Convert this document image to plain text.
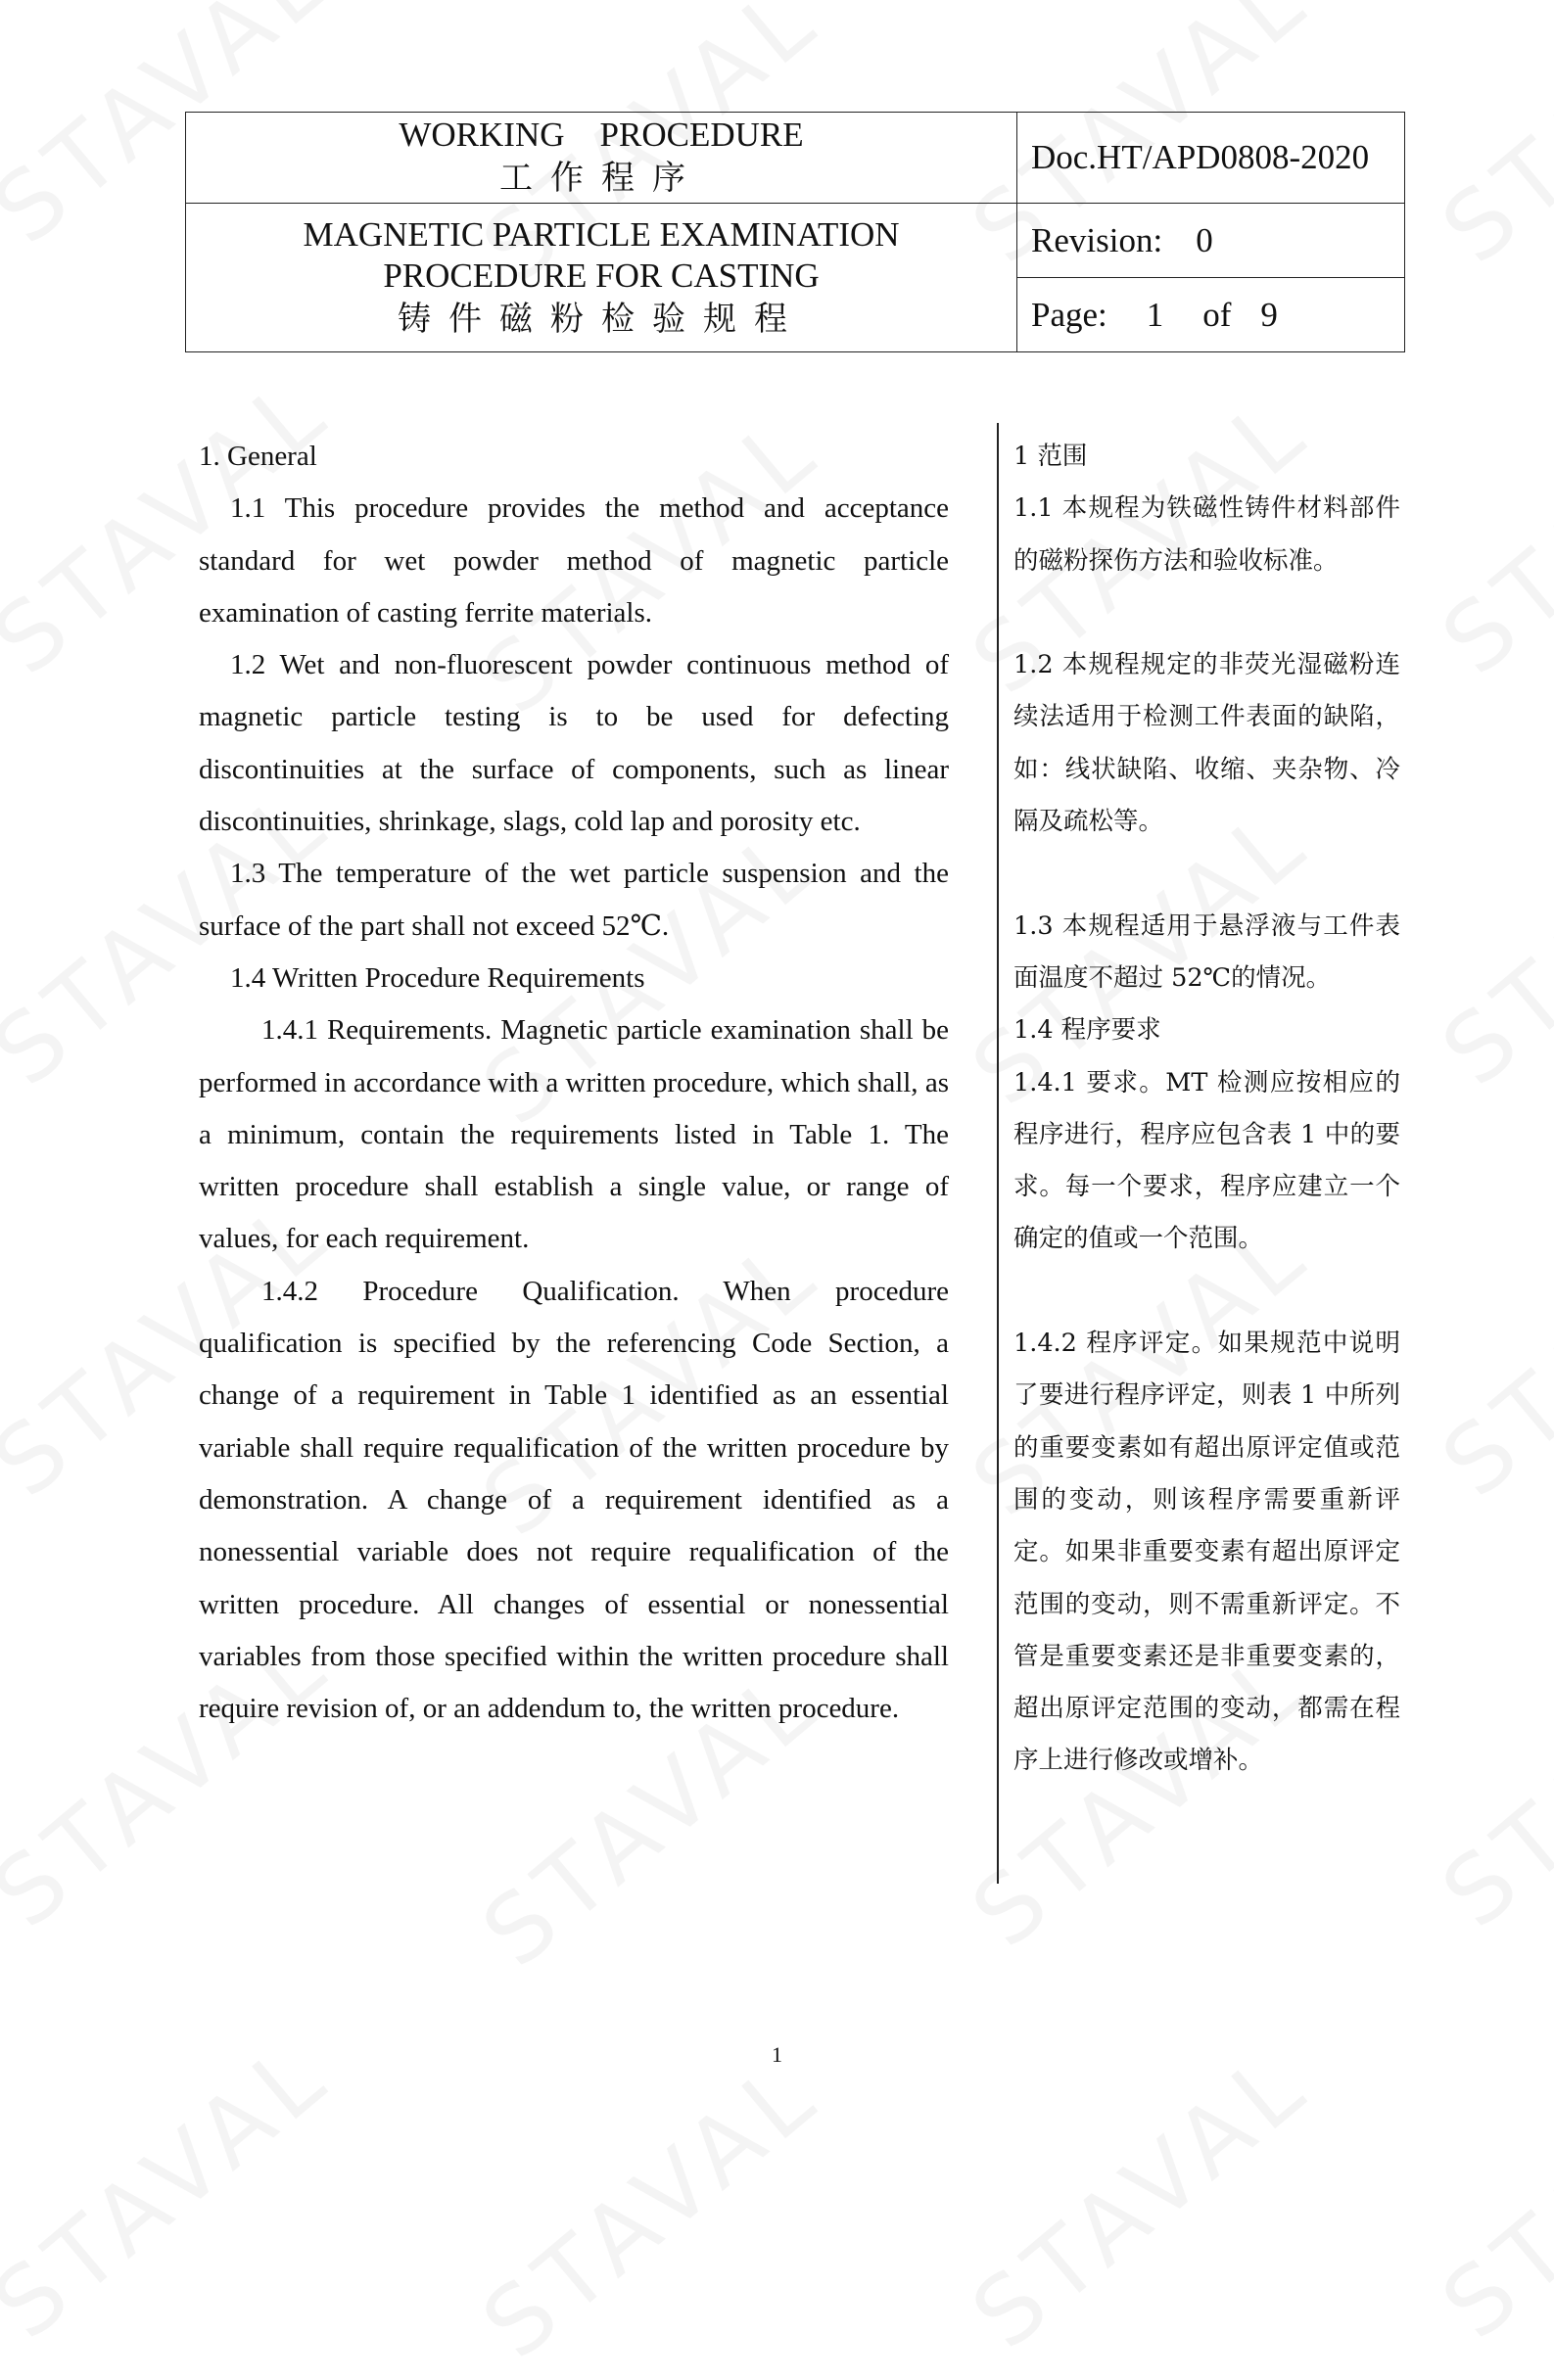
WORKING PROCEDURE
工作程序	Doc.HT/APD0808-2020

MAGNETIC PARTICLE EXAMINATION
PROCEDURE FOR CASTING
铸件磁粉检验规程	Revision: 0
	Page: 1 of 9

1. General

1.1 This procedure provides the method and acceptance standard for wet powder method of magnetic particle examination of casting ferrite materials.

1.2 Wet and non-fluorescent powder continuous method of magnetic particle testing is to be used for defecting discontinuities at the surface of components, such as linear discontinuities, shrinkage, slags, cold lap and porosity etc.

1.3 The temperature of the wet particle suspension and the surface of the part shall not exceed 52℃.

1.4 Written Procedure Requirements

1.4.1 Requirements. Magnetic particle examination shall be performed in accordance with a written procedure, which shall, as a minimum, contain the requirements listed in Table 1. The written procedure shall establish a single value, or range of values, for each requirement.

1.4.2 Procedure Qualification. When procedure qualification is specified by the referencing Code Section, a change of a requirement in Table 1 identified as an essential variable shall require requalification of the written procedure by demonstration. A change of a requirement identified as a nonessential variable does not require requalification of the written procedure. All changes of essential or nonessential variables from those specified within the written procedure shall require revision of, or an addendum to, the written procedure.

1 范围

1.1 本规程为铁磁性铸件材料部件的磁粉探伤方法和验收标准。

1.2 本规程规定的非荧光湿磁粉连续法适用于检测工件表面的缺陷，如：线状缺陷、收缩、夹杂物、冷隔及疏松等。

1.3 本规程适用于悬浮液与工件表面温度不超过 52℃的情况。

1.4 程序要求

1.4.1 要求。MT 检测应按相应的程序进行，程序应包含表 1 中的要求。每一个要求，程序应建立一个确定的值或一个范围。

1.4.2 程序评定。如果规范中说明了要进行程序评定，则表 1 中所列的重要变素如有超出原评定值或范围的变动，则该程序需要重新评定。如果非重要变素有超出原评定范围的变动，则不需重新评定。不管是重要变素还是非重要变素的，超出原评定范围的变动，都需在程序上进行修改或增补。

1
